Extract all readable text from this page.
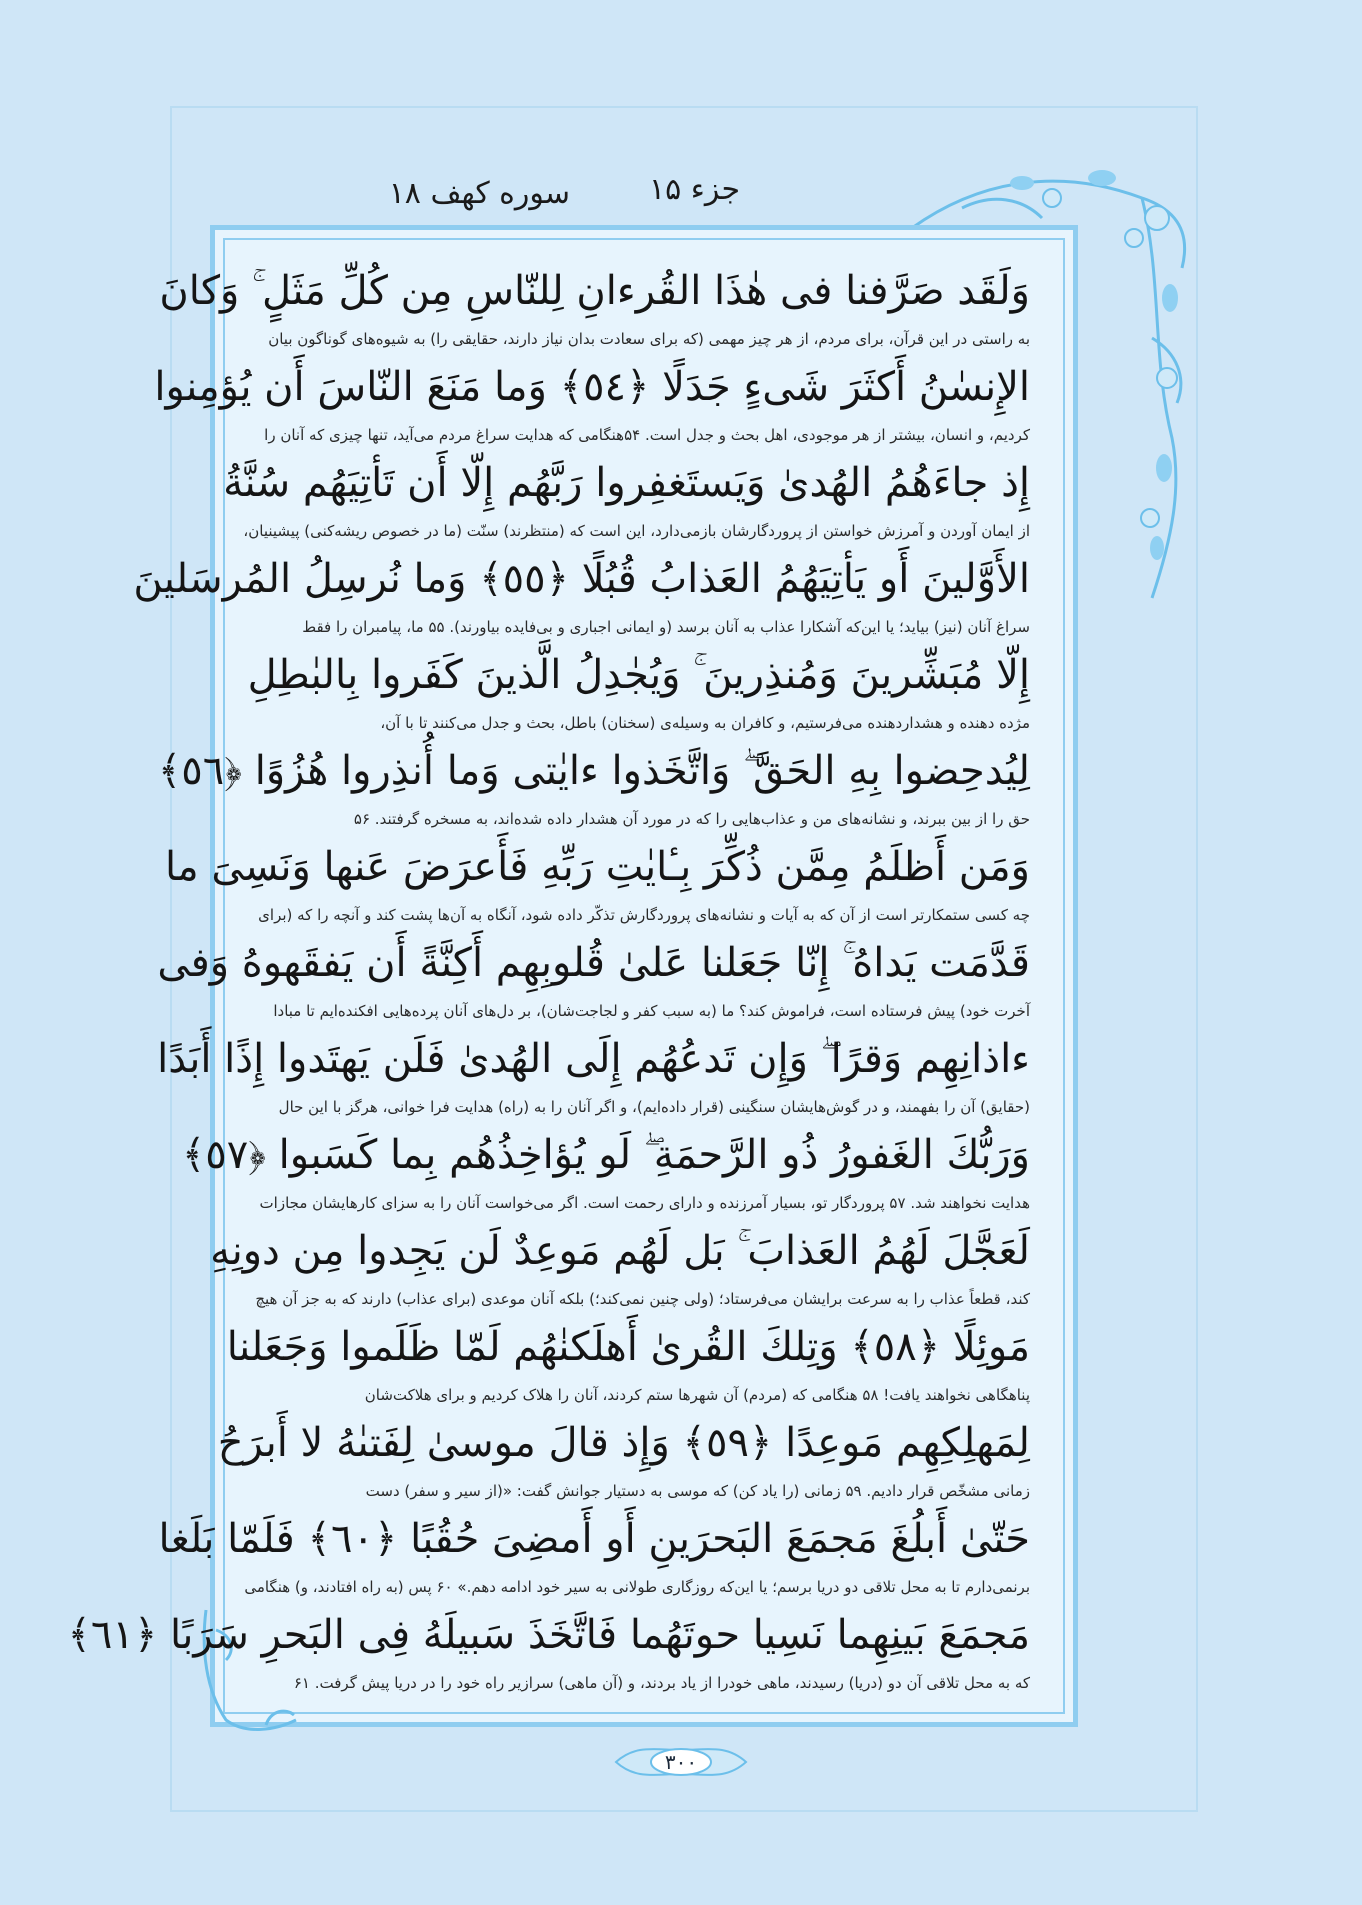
جزء ۱۵
سوره کهف ۱۸
وَلَقَد صَرَّفنا فى هٰذَا القُرءانِ لِلنّاسِ مِن كُلِّ مَثَلٍ ۚ وَكانَ
به راستی در این قرآن، برای مردم، از هر چیز مهمی (که برای سعادت بدان نیاز دارند، حقایقی را) به شیوه‌های گوناگون بیان
الإِنسٰنُ أَكثَرَ شَىءٍ جَدَلًا ﴿٥٤﴾ وَما مَنَعَ النّاسَ أَن يُؤمِنوا
کردیم، و انسان، بیشتر از هر موجودی، اهل بحث و جدل است. ۵۴هنگامی که هدایت سراغ مردم می‌آید، تنها چیزی که آنان را
إِذ جاءَهُمُ الهُدىٰ وَيَستَغفِروا رَبَّهُم إِلّا أَن تَأتِيَهُم سُنَّةُ
از ایمان آوردن و آمرزش خواستن از پروردگارشان بازمی‌دارد، این است که (منتظرند) سنّت (ما در خصوص ریشه‌کنی) پیشینیان،
الأَوَّلينَ أَو يَأتِيَهُمُ العَذابُ قُبُلًا ﴿٥٥﴾ وَما نُرسِلُ المُرسَلينَ
سراغ آنان (نیز) بیاید؛ یا این‌که آشکارا عذاب به آنان برسد (و ایمانی اجباری و بی‌فایده بیاورند). ۵۵ ما، پیامبران را فقط
إِلّا مُبَشِّرينَ وَمُنذِرينَ ۚ وَيُجٰدِلُ الَّذينَ كَفَروا بِالبٰطِلِ
مژده دهنده و هشداردهنده می‌فرستیم، و کافران به وسیله‌ی (سخنان) باطل، بحث و جدل می‌کنند تا با آن،
لِيُدحِضوا بِهِ الحَقَّ ۖ وَاتَّخَذوا ءايٰتى وَما أُنذِروا هُزُوًا ﴿٥٦﴾
حق را از بین ببرند، و نشانه‌های من و عذاب‌هایی را که در مورد آن هشدار داده شده‌اند، به مسخره گرفتند. ۵۶
وَمَن أَظلَمُ مِمَّن ذُكِّرَ بِـٔايٰتِ رَبِّهِ فَأَعرَضَ عَنها وَنَسِىَ ما
چه کسی ستمکارتر است از آن که به آیات و نشانه‌های پروردگارش تذکّر داده شود، آنگاه به آن‌ها پشت کند و آنچه را که (برای
قَدَّمَت يَداهُ ۚ إِنّا جَعَلنا عَلىٰ قُلوبِهِم أَكِنَّةً أَن يَفقَهوهُ وَفى
آخرت خود) پیش فرستاده است، فراموش کند؟ ما (به سبب کفر و لجاجت‌شان)، بر دل‌های آنان پرده‌هایی افکنده‌ایم تا مبادا
ءاذانِهِم وَقرًا ۖ وَإِن تَدعُهُم إِلَى الهُدىٰ فَلَن يَهتَدوا إِذًا أَبَدًا
(حقایق) آن را بفهمند، و در گوش‌هایشان سنگینی (قرار داده‌ایم)، و اگر آنان را به (راه) هدایت فرا خوانی، هرگز با این حال
وَرَبُّكَ الغَفورُ ذُو الرَّحمَةِ ۖ لَو يُؤاخِذُهُم بِما كَسَبوا ﴿٥٧﴾
هدایت نخواهند شد. ۵۷ پروردگار تو، بسیار آمرزنده و دارای رحمت است. اگر می‌خواست آنان را به سزای کارهایشان مجازات
لَعَجَّلَ لَهُمُ العَذابَ ۚ بَل لَهُم مَوعِدٌ لَن يَجِدوا مِن دونِهِ
کند، قطعاً عذاب را به سرعت برایشان می‌فرستاد؛ (ولی چنین نمی‌کند؛) بلکه آنان موعدی (برای عذاب) دارند که به جز آن هیچ
مَوئِلًا ﴿٥٨﴾ وَتِلكَ القُرىٰ أَهلَكنٰهُم لَمّا ظَلَموا وَجَعَلنا
پناهگاهی نخواهند یافت! ۵۸ هنگامی که (مردم) آن شهرها ستم کردند، آنان را هلاک کردیم و برای هلاکت‌شان
لِمَهلِكِهِم مَوعِدًا ﴿٥٩﴾ وَإِذ قالَ موسىٰ لِفَتىٰهُ لا أَبرَحُ
زمانی مشخّص قرار دادیم. ۵۹ زمانی (را یاد کن) که موسی به دستیار جوانش گفت: «(از سیر و سفر) دست
حَتّىٰ أَبلُغَ مَجمَعَ البَحرَينِ أَو أَمضِىَ حُقُبًا ﴿٦٠﴾ فَلَمّا بَلَغا
برنمی‌دارم تا به محل تلاقی دو دریا برسم؛ یا این‌که روزگاری طولانی به سیر خود ادامه دهم.» ۶۰ پس (به راه افتادند، و) هنگامی
مَجمَعَ بَينِهِما نَسِيا حوتَهُما فَاتَّخَذَ سَبيلَهُ فِى البَحرِ سَرَبًا ﴿٦١﴾
که به محل تلاقی آن دو (دریا) رسیدند، ماهی خودرا از یاد بردند، و (آن ماهی) سرازیر راه خود را در دریا پیش گرفت. ۶۱
۳۰۰
